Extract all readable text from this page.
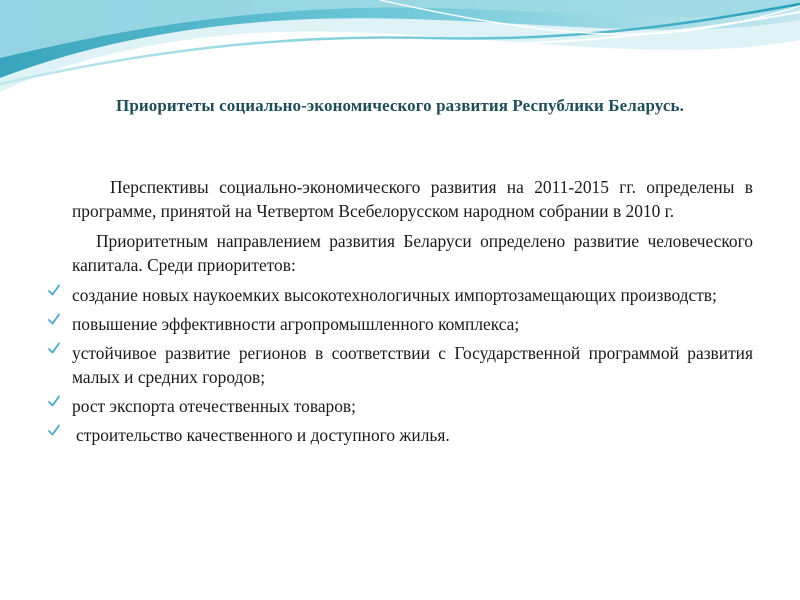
Приоритеты социально-экономического развития Республики Беларусь.

Перспективы социально-экономического развития на 2011-2015 гг. определены в программе, принятой на Четвертом Всебелорусском народном собрании в 2010 г.

Приоритетным направлением развития Беларуси определено развитие человеческого капитала. Среди приоритетов:

создание новых наукоемких высокотехнологичных импортозамещающих производств;
повышение эффективности агропромышленного комплекса;
устойчивое развитие регионов в соответствии с Государственной программой развития малых и средних городов;
рост экспорта отечественных товаров;
строительство качественного и доступного жилья.
